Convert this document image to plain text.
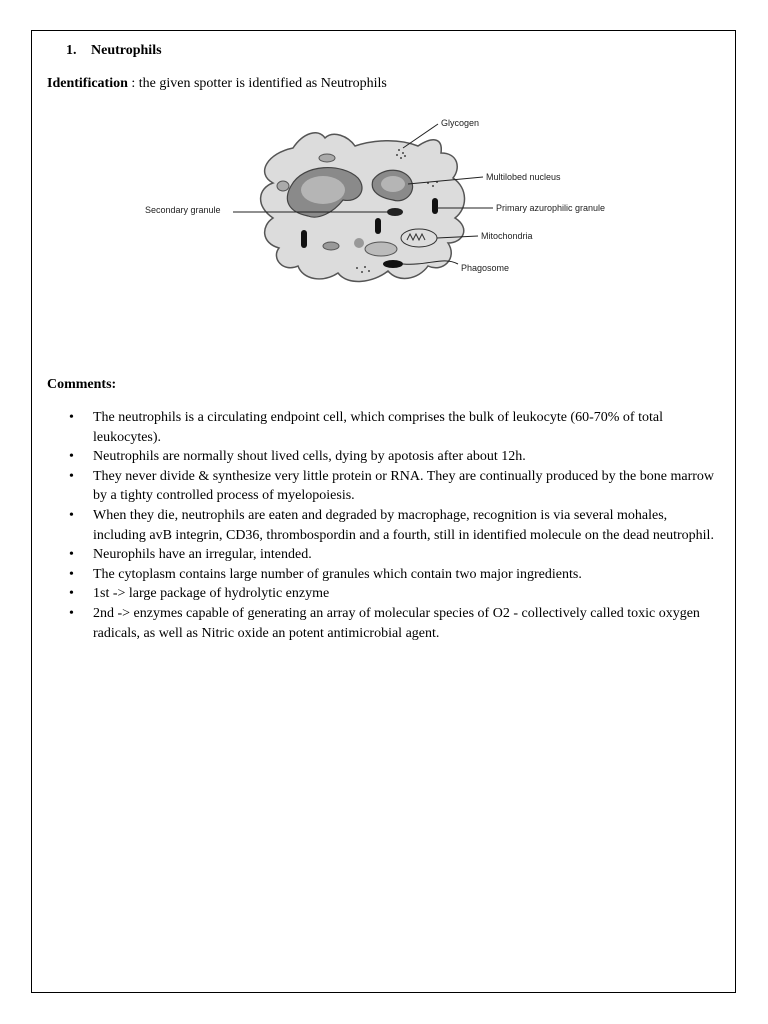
1. Neutrophils
Identification : the given spotter is identified as Neutrophils
Glycogen
Multilobed nucleus
Secondary granule	Primary azurophilic granule
Mitochondria
Phagosome
Comments:
• The neutrophils is a circulating endpoint cell, which comprises the bulk of leukocyte (60-70% of total leukocytes).
• Neutrophils are normally shout lived cells, dying by apotosis after about 12h.
• They never divide & synthesize very little protein or RNA. They are continually produced by the bone marrow by a tighty controlled process of myelopoiesis.
• When they die, neutrophils are eaten and degraded by macrophage, recognition is via several mohales, including avB integrin, CD36, thrombospordin and a fourth, still in identified molecule on the dead neutrophil.
• Neurophils have an irregular, intended.
• The cytoplasm contains large number of granules which contain two major ingredients.
• 1st -> large package of hydrolytic enzyme
• 2nd -> enzymes capable of generating an array of molecular species of O2 - collectively called toxic oxygen radicals, as well as Nitric oxide an potent antimicrobial agent.
